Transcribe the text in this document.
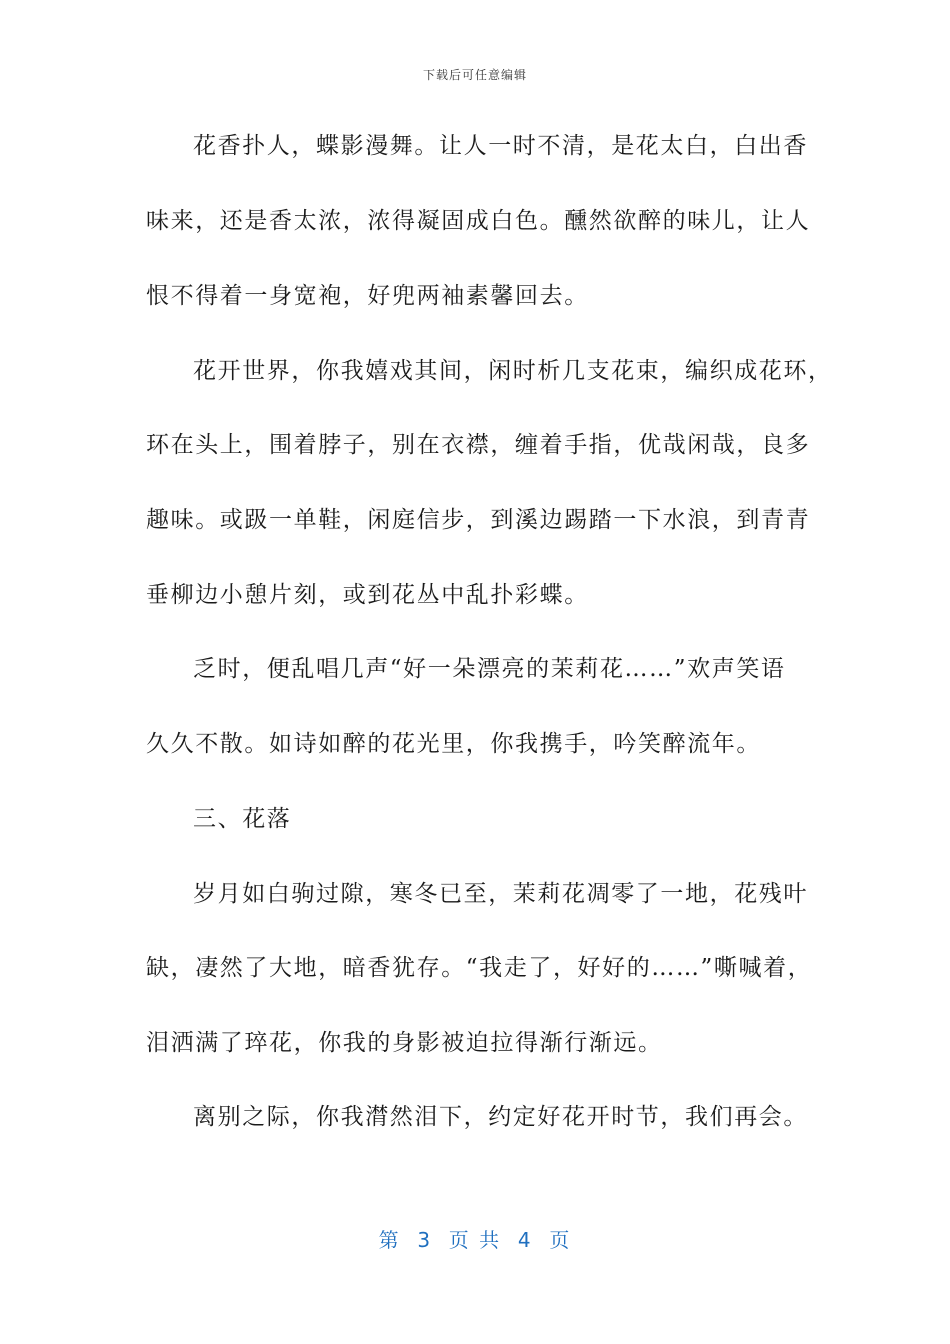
下载后可任意编辑
花香扑人，蝶影漫舞。让人一时不清，是花太白，白出香
味来，还是香太浓，浓得凝固成白色。醺然欲醉的味儿，让人
恨不得着一身宽袍，好兜两袖素馨回去。
花开世界，你我嬉戏其间，闲时析几支花束，编织成花环，
环在头上，围着脖子，别在衣襟，缠着手指，优哉闲哉，良多
趣味。或趿一单鞋，闲庭信步，到溪边踢踏一下水浪，到青青
垂柳边小憩片刻，或到花丛中乱扑彩蝶。
乏时，便乱唱几声“好一朵漂亮的茉莉花……”欢声笑语
久久不散。如诗如醉的花光里，你我携手，吟笑醉流年。
三、花落
岁月如白驹过隙，寒冬已至，茉莉花凋零了一地，花残叶
缺，凄然了大地，暗香犹存。“我走了，好好的……”嘶喊着，
泪洒满了琗花，你我的身影被迫拉得渐行渐远。
离别之际，你我潸然泪下，约定好花开时节，我们再会。
第  3  页 共  4  页
